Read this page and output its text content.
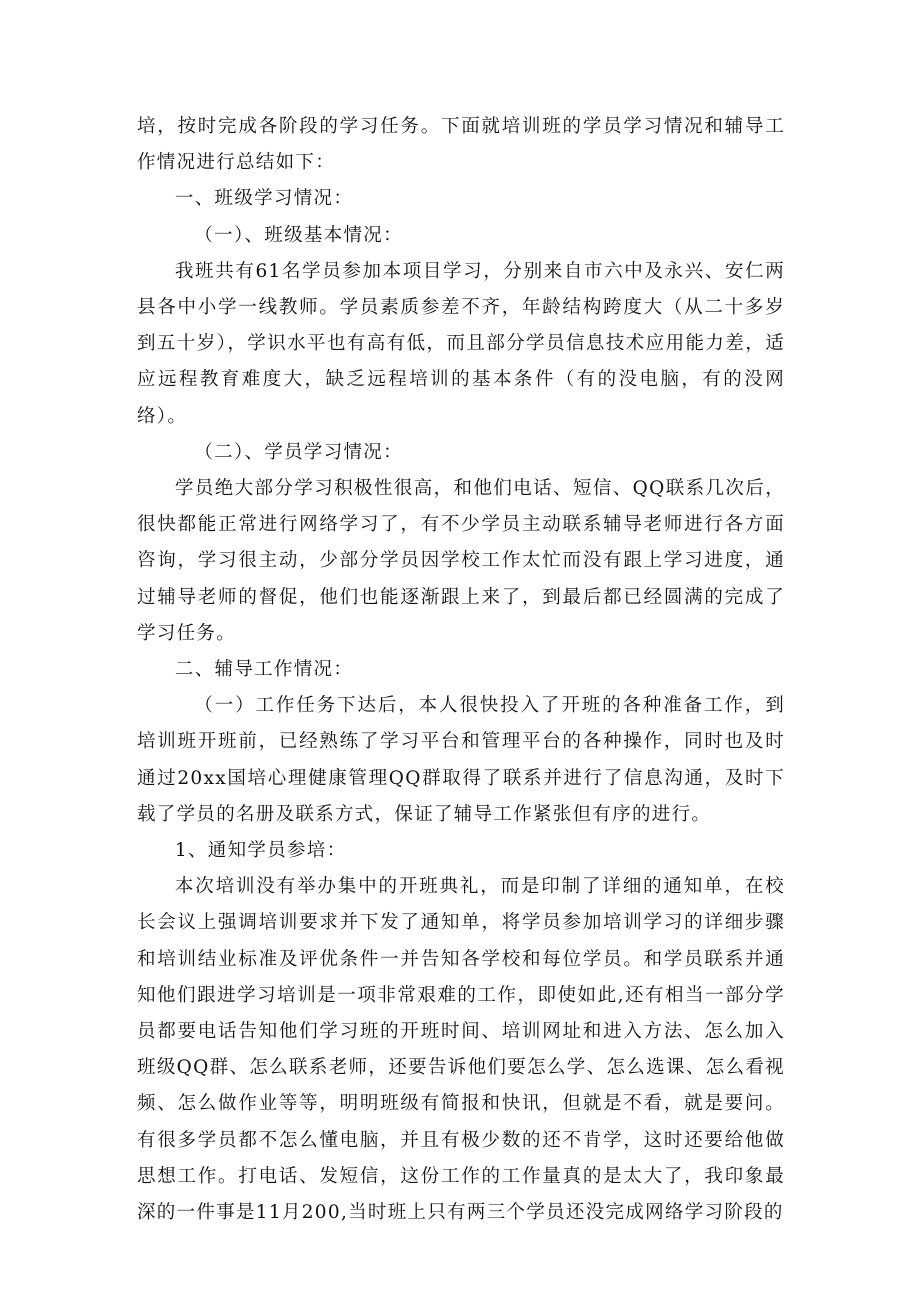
培，按时完成各阶段的学习任务。下面就培训班的学员学习情况和辅导工作情况进行总结如下：

一、班级学习情况：

（一）、班级基本情况：

我班共有61名学员参加本项目学习，分别来自市六中及永兴、安仁两县各中小学一线教师。学员素质参差不齐，年龄结构跨度大（从二十多岁到五十岁），学识水平也有高有低，而且部分学员信息技术应用能力差，适应远程教育难度大，缺乏远程培训的基本条件（有的没电脑，有的没网络）。

（二）、学员学习情况：

学员绝大部分学习积极性很高，和他们电话、短信、QQ联系几次后，很快都能正常进行网络学习了，有不少学员主动联系辅导老师进行各方面咨询，学习很主动，少部分学员因学校工作太忙而没有跟上学习进度，通过辅导老师的督促，他们也能逐渐跟上来了，到最后都已经圆满的完成了学习任务。

二、辅导工作情况：

（一）工作任务下达后，本人很快投入了开班的各种准备工作，到培训班开班前，已经熟练了学习平台和管理平台的各种操作，同时也及时通过20xx国培心理健康管理QQ群取得了联系并进行了信息沟通，及时下载了学员的名册及联系方式，保证了辅导工作紧张但有序的进行。

1、通知学员参培：

本次培训没有举办集中的开班典礼，而是印制了详细的通知单，在校长会议上强调培训要求并下发了通知单，将学员参加培训学习的详细步骤和培训结业标准及评优条件一并告知各学校和每位学员。和学员联系并通知他们跟进学习培训是一项非常艰难的工作，即使如此,还有相当一部分学员都要电话告知他们学习班的开班时间、培训网址和进入方法、怎么加入班级QQ群、怎么联系老师，还要告诉他们要怎么学、怎么选课、怎么看视频、怎么做作业等等，明明班级有简报和快讯，但就是不看，就是要问。有很多学员都不怎么懂电脑，并且有极少数的还不肯学，这时还要给他做思想工作。打电话、发短信，这份工作的工作量真的是太大了，我印象最深的一件事是11月200,当时班上只有两三个学员还没完成网络学习阶段的
